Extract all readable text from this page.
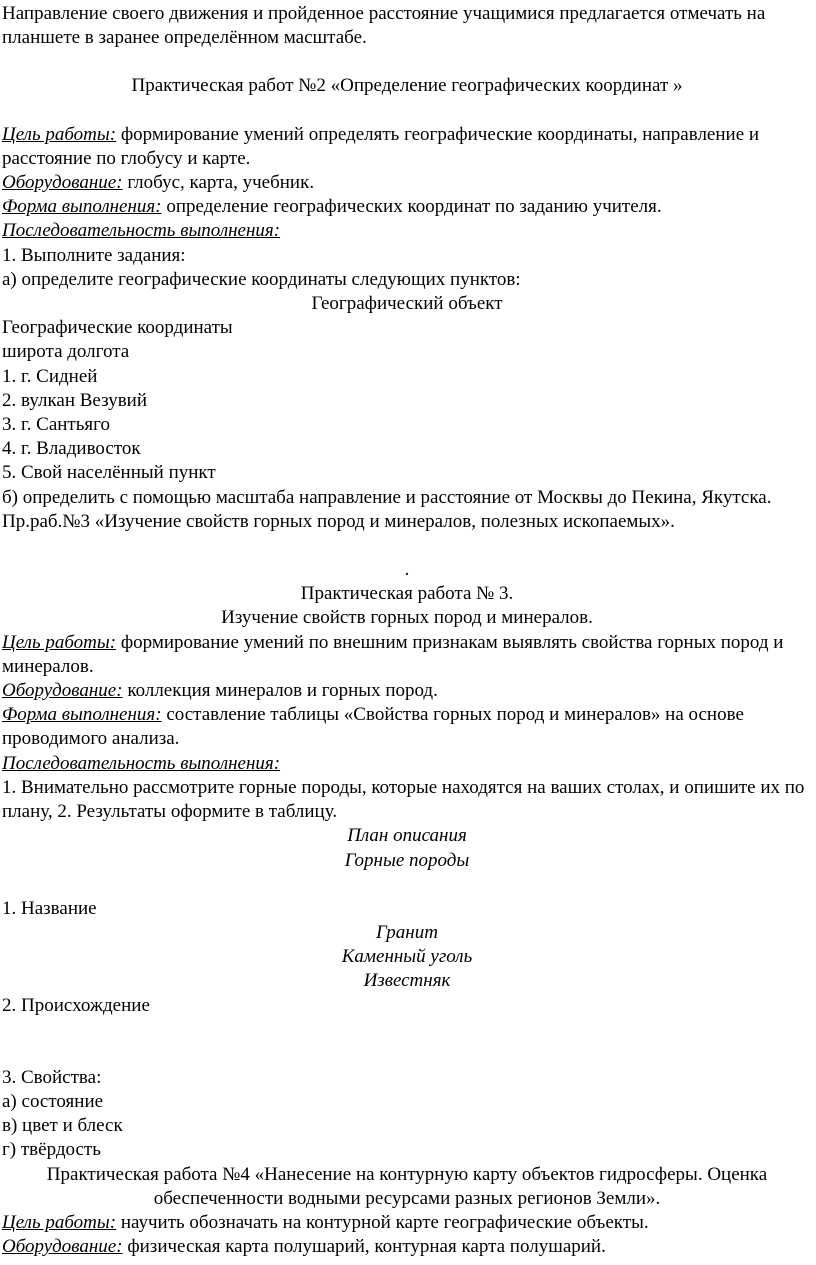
Направление своего движения и пройденное расстояние учащимися предлагается отмечать на планшете в заранее определённом масштабе.

Практическая работ №2 «Определение географических координат »

Цель работы: формирование умений определять географические координаты, направление и расстояние по глобусу и карте.

Оборудование: глобус, карта, учебник.

Форма выполнения: определение географических координат по заданию учителя.

Последовательность выполнения:

1. Выполните задания:

а) определите географические координаты следующих пунктов:

Географический объект

Географические координаты

широта долгота

1. г. Сидней

2. вулкан Везувий

3. г. Сантьяго

4. г. Владивосток

5. Свой населённый пункт

б) определить с помощью масштаба направление и расстояние от Москвы до Пекина, Якутска.

Пр.раб.№3 «Изучение свойств горных пород и минералов, полезных ископаемых».

.

Практическая работа № 3.

Изучение свойств горных пород и минералов.

Цель работы: формирование умений по внешним признакам выявлять свойства горных пород и минералов.

Оборудование: коллекция минералов и горных пород.

Форма выполнения: составление таблицы «Свойства горных пород и минералов» на основе проводимого анализа.

Последовательность выполнения:

1. Внимательно рассмотрите горные породы, которые находятся на ваших столах, и опишите их по плану, 2. Результаты оформите в таблицу.

План описания

Горные породы

1. Название

Гранит

Каменный уголь

Известняк

2. Происхождение

3. Свойства:

а) состояние

в) цвет и блеск

г) твёрдость

Практическая работа №4 «Нанесение на контурную карту объектов гидросферы. Оценка обеспеченности водными ресурсами разных регионов Земли».

Цель работы: научить обозначать на контурной карте географические объекты.

Оборудование: физическая карта полушарий, контурная карта полушарий.
